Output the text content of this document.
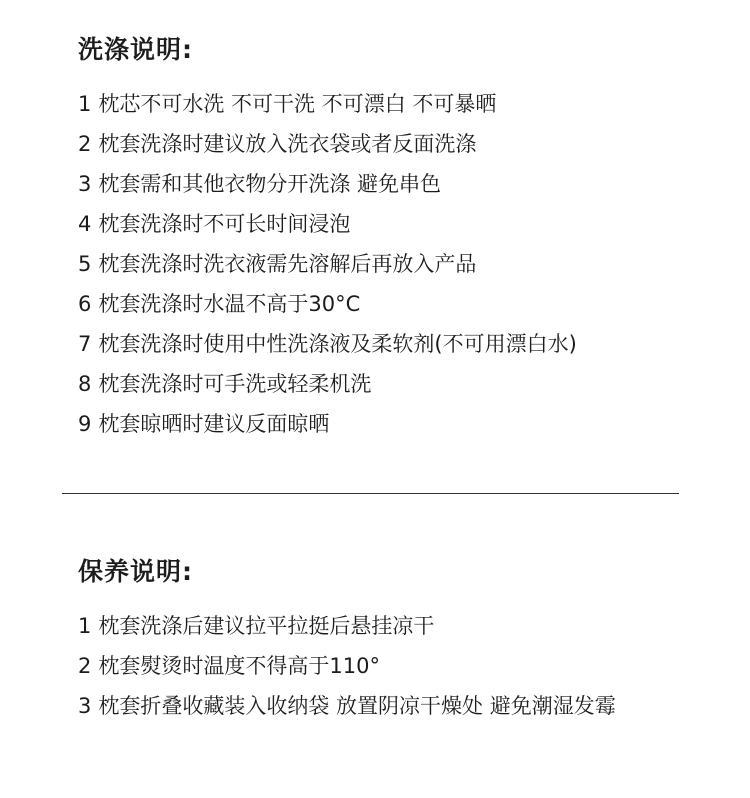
洗涤说明:
1 枕芯不可水洗 不可干洗 不可漂白 不可暴晒
2 枕套洗涤时建议放入洗衣袋或者反面洗涤
3 枕套需和其他衣物分开洗涤 避免串色
4 枕套洗涤时不可长时间浸泡
5 枕套洗涤时洗衣液需先溶解后再放入产品
6 枕套洗涤时水温不高于30°C
7 枕套洗涤时使用中性洗涤液及柔软剂(不可用漂白水)
8 枕套洗涤时可手洗或轻柔机洗
9 枕套晾晒时建议反面晾晒
保养说明:
1 枕套洗涤后建议拉平拉挺后悬挂凉干
2 枕套熨烫时温度不得高于110°
3 枕套折叠收藏装入收纳袋 放置阴凉干燥处 避免潮湿发霉
